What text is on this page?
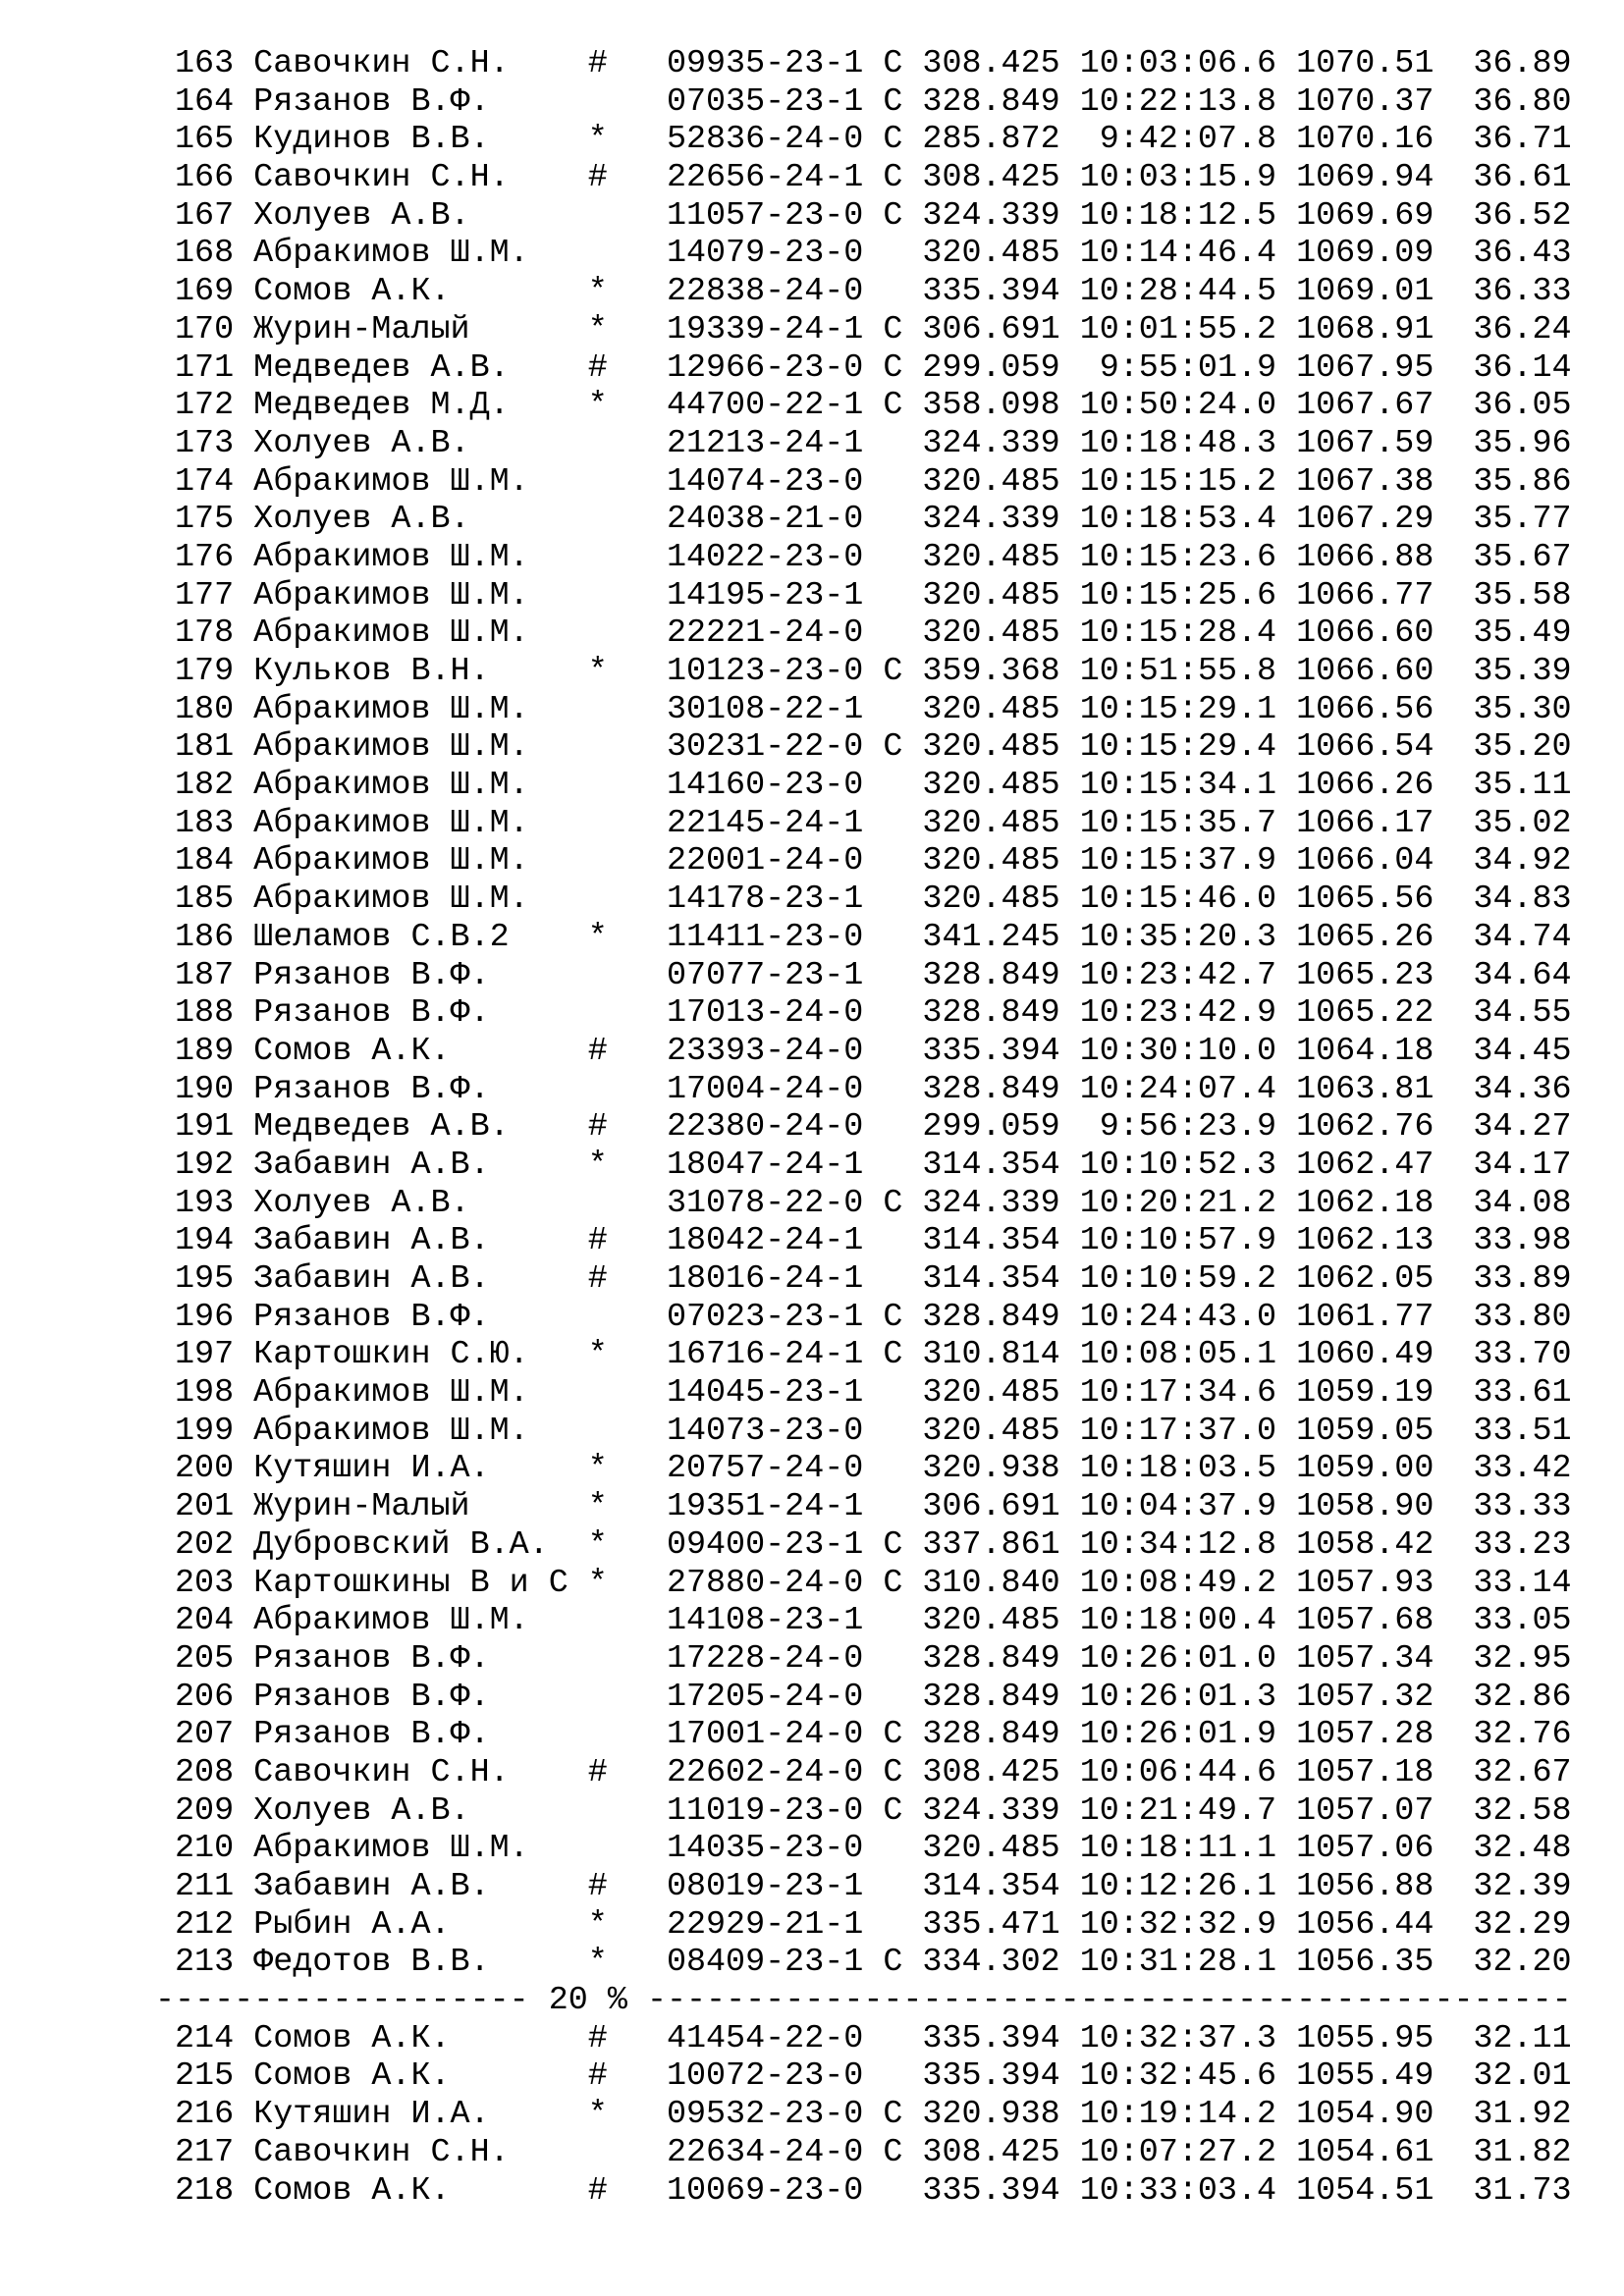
163 Савочкин С.Н. # 09935-23-1 C 308.425 10:03:06.6 1070.51 36.89
164 Рязанов В.Ф.	07035-23-1 C 328.849 10:22:13.8 1070.37 36.80
165 Кудинов В.В.	* 52836-24-0 C 285.872 9:42:07.8 1070.16 36.71
166 Савочкин С.Н. # 22656-24-1 C 308.425 10:03:15.9 1069.94 36.61
167 Холуев А.В.	11057-23-0 C 324.339 10:18:12.5 1069.69 36.52
168 Абракимов Ш.М.	14079-23-0 320.485 10:14:46.4 1069.09 36.43
169 Сомов А.К.	* 22838-24-0 335.394 10:28:44.5 1069.01 36.33
170 Журин-Малый	* 19339-24-1 C 306.691 10:01:55.2 1068.91 36.24
171 Медведев А.В. # 12966-23-0 C 299.059 9:55:01.9 1067.95 36.14
172 Медведев М.Д. * 44700-22-1 C 358.098 10:50:24.0 1067.67 36.05
173 Холуев А.В.	21213-24-1 324.339 10:18:48.3 1067.59 35.96
174 Абракимов Ш.М.	14074-23-0 320.485 10:15:15.2 1067.38 35.86
175 Холуев А.В.	24038-21-0 324.339 10:18:53.4 1067.29 35.77
176 Абракимов Ш.М.	14022-23-0 320.485 10:15:23.6 1066.88 35.67
177 Абракимов Ш.М.	14195-23-1 320.485 10:15:25.6 1066.77 35.58
178 Абракимов Ш.М.	22221-24-0 320.485 10:15:28.4 1066.60 35.49
179 Кульков В.Н.	* 10123-23-0 C 359.368 10:51:55.8 1066.60 35.39
180 Абракимов Ш.М.	30108-22-1 320.485 10:15:29.1 1066.56 35.30
181 Абракимов Ш.М.	30231-22-0 C 320.485 10:15:29.4 1066.54 35.20
182 Абракимов Ш.М.	14160-23-0 320.485 10:15:34.1 1066.26 35.11
183 Абракимов Ш.М.	22145-24-1 320.485 10:15:35.7 1066.17 35.02
184 Абракимов Ш.М.	22001-24-0 320.485 10:15:37.9 1066.04 34.92
185 Абракимов Ш.М.	14178-23-1 320.485 10:15:46.0 1065.56 34.83
186 Шеламов С.В.2 * 11411-23-0 341.245 10:35:20.3 1065.26 34.74
187 Рязанов В.Ф.	07077-23-1 328.849 10:23:42.7 1065.23 34.64
188 Рязанов В.Ф.	17013-24-0 328.849 10:23:42.9 1065.22 34.55
189 Сомов А.К.	# 23393-24-0 335.394 10:30:10.0 1064.18 34.45
190 Рязанов В.Ф.	17004-24-0 328.849 10:24:07.4 1063.81 34.36
191 Медведев А.В. # 22380-24-0 299.059 9:56:23.9 1062.76 34.27
192 Забавин А.В.	* 18047-24-1 314.354 10:10:52.3 1062.47 34.17
193 Холуев А.В.	31078-22-0 C 324.339 10:20:21.2 1062.18 34.08
194 Забавин А.В.	# 18042-24-1 314.354 10:10:57.9 1062.13 33.98
195 Забавин А.В.	# 18016-24-1 314.354 10:10:59.2 1062.05 33.89
196 Рязанов В.Ф.	07023-23-1 C 328.849 10:24:43.0 1061.77 33.80
197 Картошкин С.Ю. * 16716-24-1 C 310.814 10:08:05.1 1060.49 33.70
198 Абракимов Ш.М.	14045-23-1 320.485 10:17:34.6 1059.19 33.61
199 Абракимов Ш.М.	14073-23-0 320.485 10:17:37.0 1059.05 33.51
200 Кутяшин И.А.	* 20757-24-0 320.938 10:18:03.5 1059.00 33.42
201 Журин-Малый	* 19351-24-1 306.691 10:04:37.9 1058.90 33.33
202 Дубровский В.А. * 09400-23-1 C 337.861 10:34:12.8 1058.42 33.23
203 Картошкины В и С * 27880-24-0 C 310.840 10:08:49.2 1057.93 33.14
204 Абракимов Ш.М.	14108-23-1 320.485 10:18:00.4 1057.68 33.05
205 Рязанов В.Ф.	17228-24-0 328.849 10:26:01.0 1057.34 32.95
206 Рязанов В.Ф.	17205-24-0 328.849 10:26:01.3 1057.32 32.86
207 Рязанов В.Ф.	17001-24-0 C 328.849 10:26:01.9 1057.28 32.76
208 Савочкин С.Н. # 22602-24-0 C 308.425 10:06:44.6 1057.18 32.67
209 Холуев А.В.	11019-23-0 C 324.339 10:21:49.7 1057.07 32.58
210 Абракимов Ш.М.	14035-23-0 320.485 10:18:11.1 1057.06 32.48
211 Забавин А.В.	# 08019-23-1 314.354 10:12:26.1 1056.88 32.39
212 Рыбин А.А.	* 22929-21-1 335.471 10:32:32.9 1056.44 32.29
213 Федотов В.В.	* 08409-23-1 C 334.302 10:31:28.1 1056.35 32.20
------------------- 20 % -----------------------------------------------
214 Сомов А.К.	# 41454-22-0 335.394 10:32:37.3 1055.95 32.11
215 Сомов А.К.	# 10072-23-0 335.394 10:32:45.6 1055.49 32.01
216 Кутяшин И.А.	* 09532-23-0 C 320.938 10:19:14.2 1054.90 31.92
217 Савочкин С.Н.	22634-24-0 C 308.425 10:07:27.2 1054.61 31.82
218 Сомов А.К.	# 10069-23-0 335.394 10:33:03.4 1054.51 31.73
